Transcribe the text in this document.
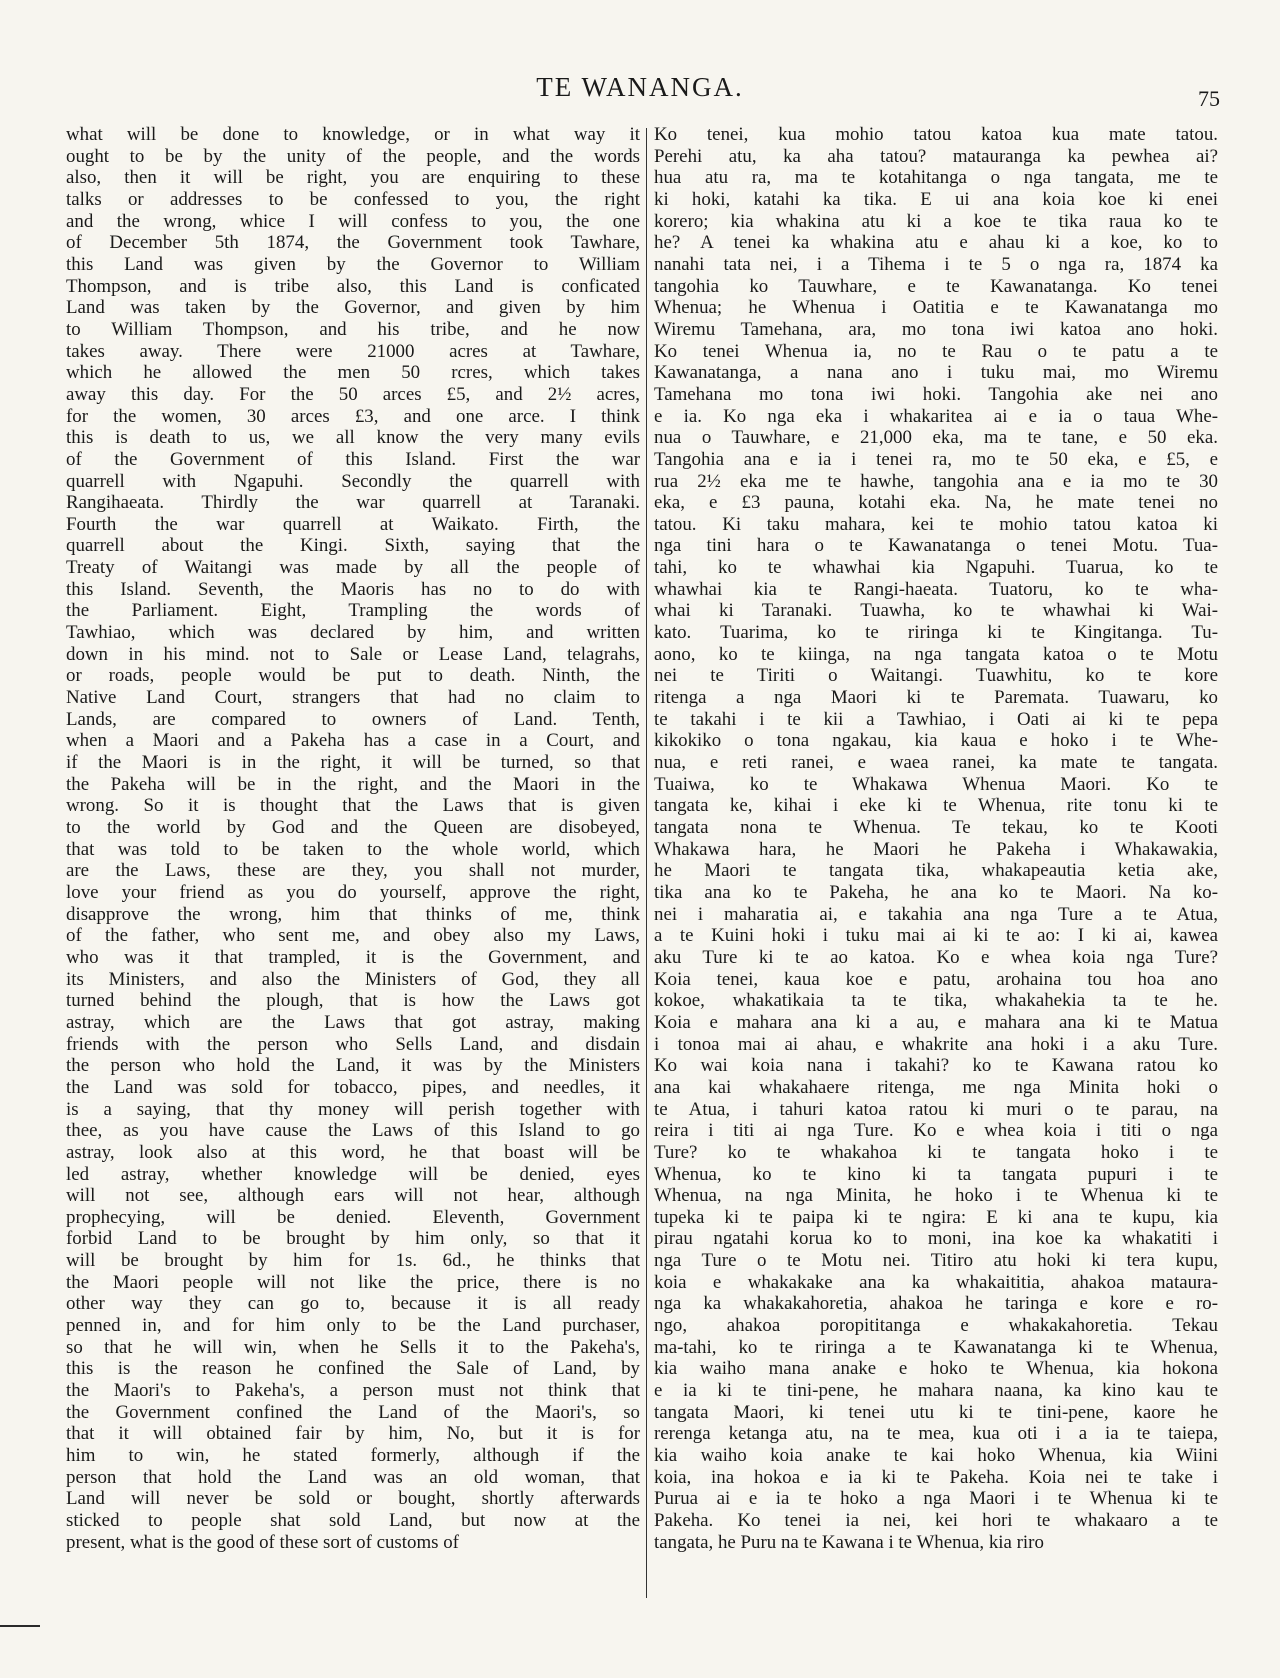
TE WANANGA.	75
what will be done to knowledge, or in what way it
ought to be by the unity of the people, and the words
also, then it will be right, you are enquiring to these
talks or addresses to be confessed to you, the right
and the wrong, whice I will confess to you, the one
of December 5th 1874, the Government took Tawhare,
this Land was given by the Governor to William
Thompson, and is tribe also, this Land is conficated
Land was taken by the Governor, and given by him
to William Thompson, and his tribe, and he now
takes away. There were 21000 acres at Tawhare,
which he allowed the men 50 rcres, which takes
away this day. For the 50 arces £5, and 2½ acres,
for the women, 30 arces £3, and one arce. I think
this is death to us, we all know the very many evils
of the Government of this Island. First the war
quarrell with Ngapuhi. Secondly the quarrell with
Rangihaeata. Thirdly the war quarrell at Taranaki.
Fourth the war quarrell at Waikato. Firth, the
quarrell about the Kingi. Sixth, saying that the
Treaty of Waitangi was made by all the people of
this Island. Seventh, the Maoris has no to do with
the Parliament. Eight, Trampling the words of
Tawhiao, which was declared by him, and written
down in his mind. not to Sale or Lease Land, telagrahs,
or roads, people would be put to death. Ninth, the
Native Land Court, strangers that had no claim to
Lands, are compared to owners of Land. Tenth,
when a Maori and a Pakeha has a case in a Court, and
if the Maori is in the right, it will be turned, so that
the Pakeha will be in the right, and the Maori in the
wrong. So it is thought that the Laws that is given
to the world by God and the Queen are disobeyed,
that was told to be taken to the whole world, which
are the Laws, these are they, you shall not murder,
love your friend as you do yourself, approve the right,
disapprove the wrong, him that thinks of me, think
of the father, who sent me, and obey also my Laws,
who was it that trampled, it is the Government, and
its Ministers, and also the Ministers of God, they all
turned behind the plough, that is how the Laws got
astray, which are the Laws that got astray, making
friends with the person who Sells Land, and disdain
the person who hold the Land, it was by the Ministers
the Land was sold for tobacco, pipes, and needles, it
is a saying, that thy money will perish together with
thee, as you have cause the Laws of this Island to go
astray, look also at this word, he that boast will be
led astray, whether knowledge will be denied, eyes
will not see, although ears will not hear, although
prophecying, will be denied. Eleventh, Government
forbid Land to be brought by him only, so that it
will be brought by him for 1s. 6d., he thinks that
the Maori people will not like the price, there is no
other way they can go to, because it is all ready
penned in, and for him only to be the Land purchaser,
so that he will win, when he Sells it to the Pakeha's,
this is the reason he confined the Sale of Land, by
the Maori's to Pakeha's, a person must not think that
the Government confined the Land of the Maori's, so
that it will obtained fair by him, No, but it is for
him to win, he stated formerly, although if the
person that hold the Land was an old woman, that
Land will never be sold or bought, shortly afterwards
sticked to people shat sold Land, but now at the
present, what is the good of these sort of customs of
Ko tenei, kua mohio tatou katoa kua mate tatou.
Perehi atu, ka aha tatou? matauranga ka pewhea ai?
hua atu ra, ma te kotahitanga o nga tangata, me te
ki hoki, katahi ka tika. E ui ana koia koe ki enei
korero; kia whakina atu ki a koe te tika raua ko te
he? A tenei ka whakina atu e ahau ki a koe, ko to
nanahi tata nei, i a Tihema i te 5 o nga ra, 1874 ka
tangohia ko Tauwhare, e te Kawanatanga. Ko tenei
Whenua; he Whenua i Oatitia e te Kawanatanga mo
Wiremu Tamehana, ara, mo tona iwi katoa ano hoki.
Ko tenei Whenua ia, no te Rau o te patu a te
Kawanatanga, a nana ano i tuku mai, mo Wiremu
Tamehana mo tona iwi hoki. Tangohia ake nei ano
e ia. Ko nga eka i whakaritea ai e ia o taua Whe-
nua o Tauwhare, e 21,000 eka, ma te tane, e 50 eka.
Tangohia ana e ia i tenei ra, mo te 50 eka, e £5, e
rua 2½ eka me te hawhe, tangohia ana e ia mo te 30
eka, e £3 pauna, kotahi eka. Na, he mate tenei no
tatou. Ki taku mahara, kei te mohio tatou katoa ki
nga tini hara o te Kawanatanga o tenei Motu. Tua-
tahi, ko te whawhai kia Ngapuhi. Tuarua, ko te
whawhai kia te Rangi-haeata. Tuatoru, ko te wha-
whai ki Taranaki. Tuawha, ko te whawhai ki Wai-
kato. Tuarima, ko te riringa ki te Kingitanga. Tu-
aono, ko te kiinga, na nga tangata katoa o te Motu
nei te Tiriti o Waitangi. Tuawhitu, ko te kore
ritenga a nga Maori ki te Paremata. Tuawaru, ko
te takahi i te kii a Tawhiao, i Oati ai ki te pepa
kikokiko o tona ngakau, kia kaua e hoko i te Whe-
nua, e reti ranei, e waea ranei, ka mate te tangata.
Tuaiwa, ko te Whakawa Whenua Maori. Ko te
tangata ke, kihai i eke ki te Whenua, rite tonu ki te
tangata nona te Whenua. Te tekau, ko te Kooti
Whakawa hara, he Maori he Pakeha i Whakawakia,
he Maori te tangata tika, whakapeautia ketia ake,
tika ana ko te Pakeha, he ana ko te Maori. Na ko-
nei i maharatia ai, e takahia ana nga Ture a te Atua,
a te Kuini hoki i tuku mai ai ki te ao: I ki ai, kawea
aku Ture ki te ao katoa. Ko e whea koia nga Ture?
Koia tenei, kaua koe e patu, arohaina tou hoa ano
kokoe, whakatikaia ta te tika, whakahekia ta te he.
Koia e mahara ana ki a au, e mahara ana ki te Matua
i tonoa mai ai ahau, e whakrite ana hoki i a aku Ture.
Ko wai koia nana i takahi? ko te Kawana ratou ko
ana kai whakahaere ritenga, me nga Minita hoki o
te Atua, i tahuri katoa ratou ki muri o te parau, na
reira i titi ai nga Ture. Ko e whea koia i titi o nga
Ture? ko te whakahoa ki te tangata hoko i te
Whenua, ko te kino ki ta tangata pupuri i te
Whenua, na nga Minita, he hoko i te Whenua ki te
tupeka ki te paipa ki te ngira: E ki ana te kupu, kia
pirau ngatahi korua ko to moni, ina koe ka whakatiti i
nga Ture o te Motu nei. Titiro atu hoki ki tera kupu,
koia e whakakake ana ka whakaititia, ahakoa mataura-
nga ka whakakahoretia, ahakoa he taringa e kore e ro-
ngo, ahakoa poropititanga e whakakahoretia. Tekau
ma-tahi, ko te riringa a te Kawanatanga ki te Whenua,
kia waiho mana anake e hoko te Whenua, kia hokona
e ia ki te tini-pene, he mahara naana, ka kino kau te
tangata Maori, ki tenei utu ki te tini-pene, kaore he
rerenga ketanga atu, na te mea, kua oti i a ia te taiepa,
kia waiho koia anake te kai hoko Whenua, kia Wiini
koia, ina hokoa e ia ki te Pakeha. Koia nei te take i
Purua ai e ia te hoko a nga Maori i te Whenua ki te
Pakeha. Ko tenei ia nei, kei hori te whakaaro a te
tangata, he Puru na te Kawana i te Whenua, kia riro
